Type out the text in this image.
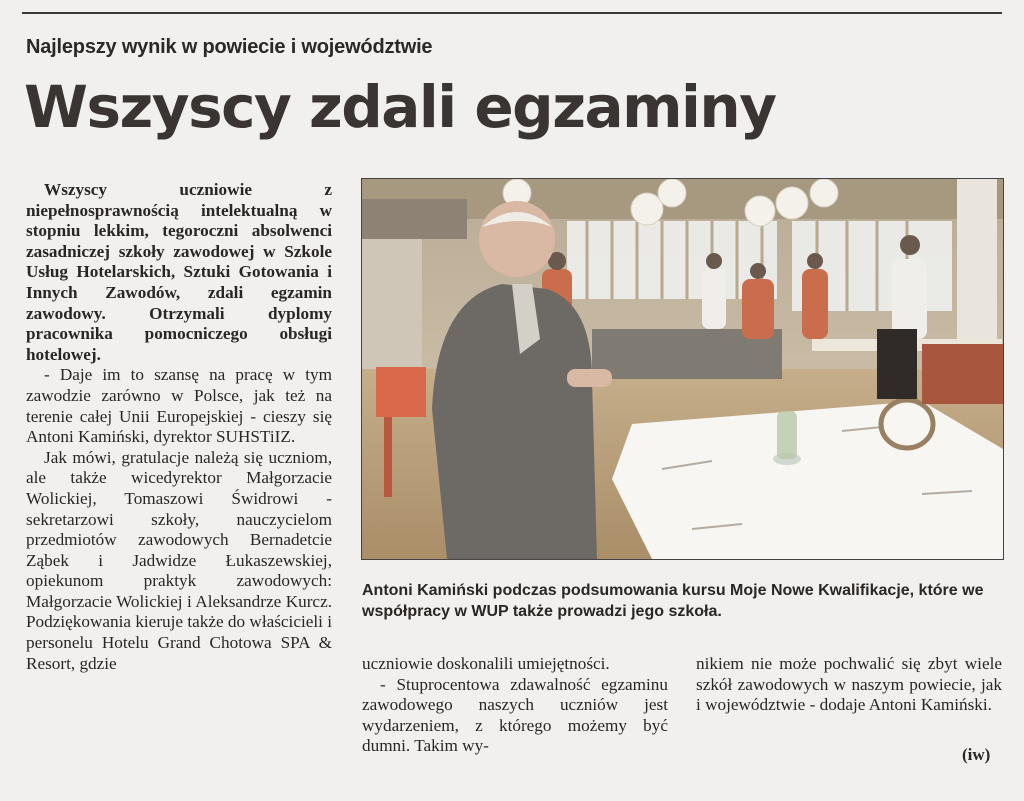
Najlepszy wynik w powiecie i województwie
Wszyscy zdali egzaminy

Wszyscy uczniowie z niepełnosprawnością intelektualną w stopniu lekkim, tegoroczni absolwenci zasadniczej szkoły zawodowej w Szkole Usług Hotelarskich, Sztuki Gotowania i Innych Zawodów, zdali egzamin zawodowy. Otrzymali dyplomy pracownika pomocniczego obsługi hotelowej.

- Daje im to szansę na pracę w tym zawodzie zarówno w Polsce, jak też na terenie całej Unii Europejskiej - cieszy się Antoni Kamiński, dyrektor SUHSTiIZ.

Jak mówi, gratulacje należą się uczniom, ale także wicedyrektor Małgorzacie Wolickiej, Tomaszowi Świdrowi - sekretarzowi szkoły, nauczycielom przedmiotów zawodowych Bernadetcie Ząbek i Jadwidze Łukaszewskiej, opiekunom praktyk zawodowych: Małgorzacie Wolickiej i Aleksandrze Kurcz. Podziękowania kieruje także do właścicieli i personelu Hotelu Grand Chotowa SPA & Resort, gdzie

Antoni Kamiński podczas podsumowania kursu Moje Nowe Kwalifikacje, które we współpracy w WUP także prowadzi jego szkoła.

uczniowie doskonalili umiejętności.

- Stuprocentowa zdawalność egzaminu zawodowego naszych uczniów jest wydarzeniem, z którego możemy być dumni. Takim wy-

nikiem nie może pochwalić się zbyt wiele szkół zawodowych w naszym powiecie, jak i województwie - dodaje Antoni Kamiński.

(iw)
